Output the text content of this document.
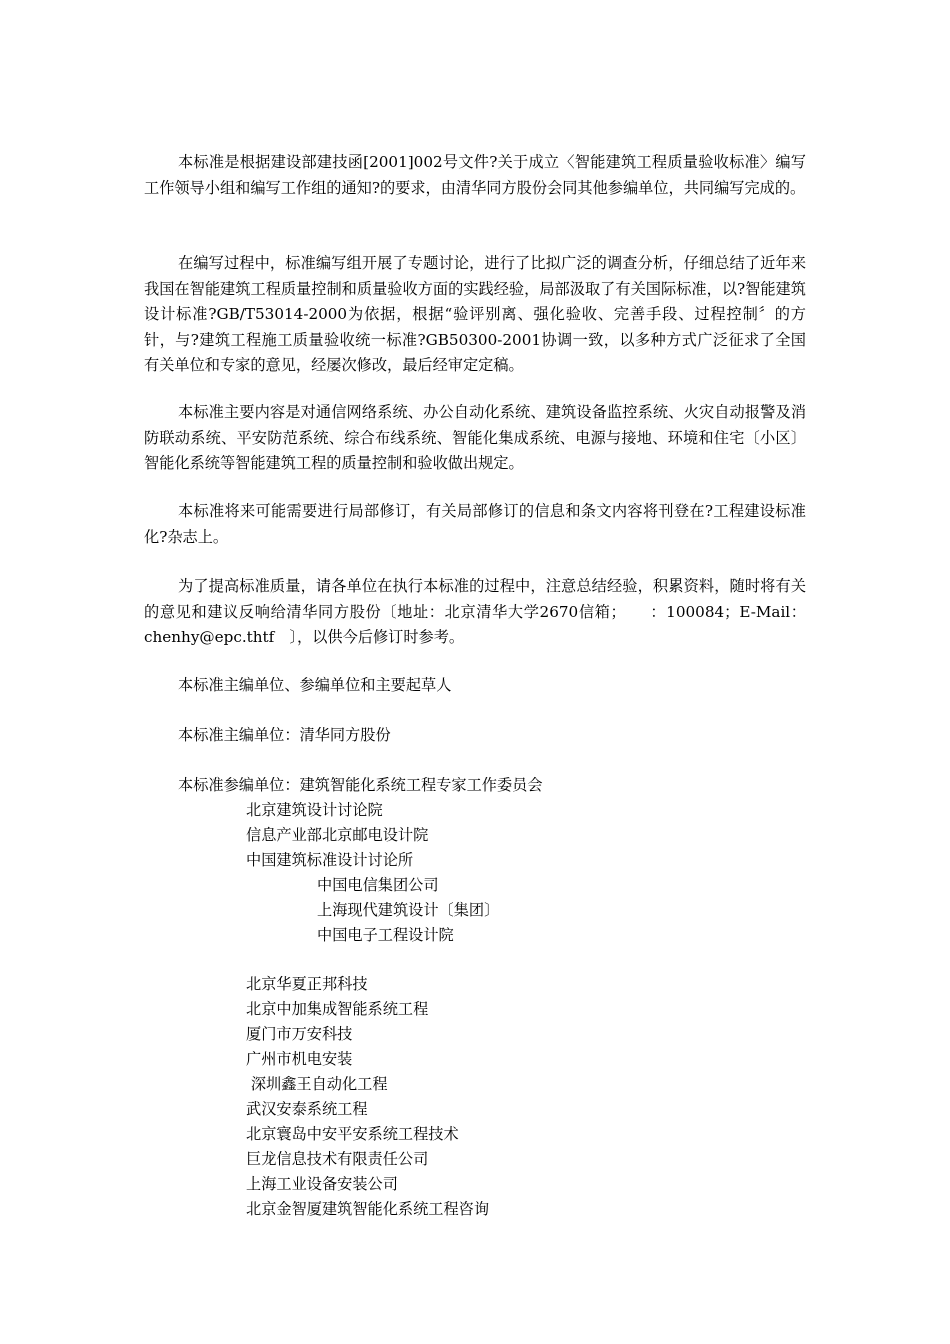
本标准是根据建设部建技函[2001]002号文件?关于成立〈智能建筑工程质量验收标准〉编写工作领导小组和编写工作组的通知?的要求，由清华同方股份会同其他参编单位，共同编写完成的。

在编写过程中，标准编写组开展了专题讨论，进行了比拟广泛的调查分析，仔细总结了近年来我国在智能建筑工程质量控制和质量验收方面的实践经验，局部汲取了有关国际标准，以?智能建筑设计标准?GB/T53014-2000为依据，根据“验评别离、强化验收、完善手段、过程控制〞的方针，与?建筑工程施工质量验收统一标准?GB50300-2001协调一致，以多种方式广泛征求了全国有关单位和专家的意见，经屡次修改，最后经审定定稿。

本标准主要内容是对通信网络系统、办公自动化系统、建筑设备监控系统、火灾自动报警及消防联动系统、平安防范系统、综合布线系统、智能化集成系统、电源与接地、环境和住宅〔小区〕智能化系统等智能建筑工程的质量控制和验收做出规定。

本标准将来可能需要进行局部修订，有关局部修订的信息和条文内容将刊登在?工程建设标准化?杂志上。

为了提高标准质量，请各单位在执行本标准的过程中，注意总结经验，积累资料，随时将有关的意见和建议反响给清华同方股份〔地址：北京清华大学2670信箱；　　：100084；E-Mail：chenhy@epc.thtf　〕，以供今后修订时参考。

本标准主编单位、参编单位和主要起草人

本标准主编单位：清华同方股份

本标准参编单位：建筑智能化系统工程专家工作委员会

北京建筑设计讨论院

信息产业部北京邮电设计院

中国建筑标准设计讨论所

中国电信集团公司

上海现代建筑设计〔集团〕

中国电子工程设计院

北京华夏正邦科技

北京中加集成智能系统工程

厦门市万安科技

广州市机电安装

深圳鑫王自动化工程

武汉安泰系统工程

北京寰岛中安平安系统工程技术

巨龙信息技术有限责任公司

上海工业设备安装公司

北京金智厦建筑智能化系统工程咨询
